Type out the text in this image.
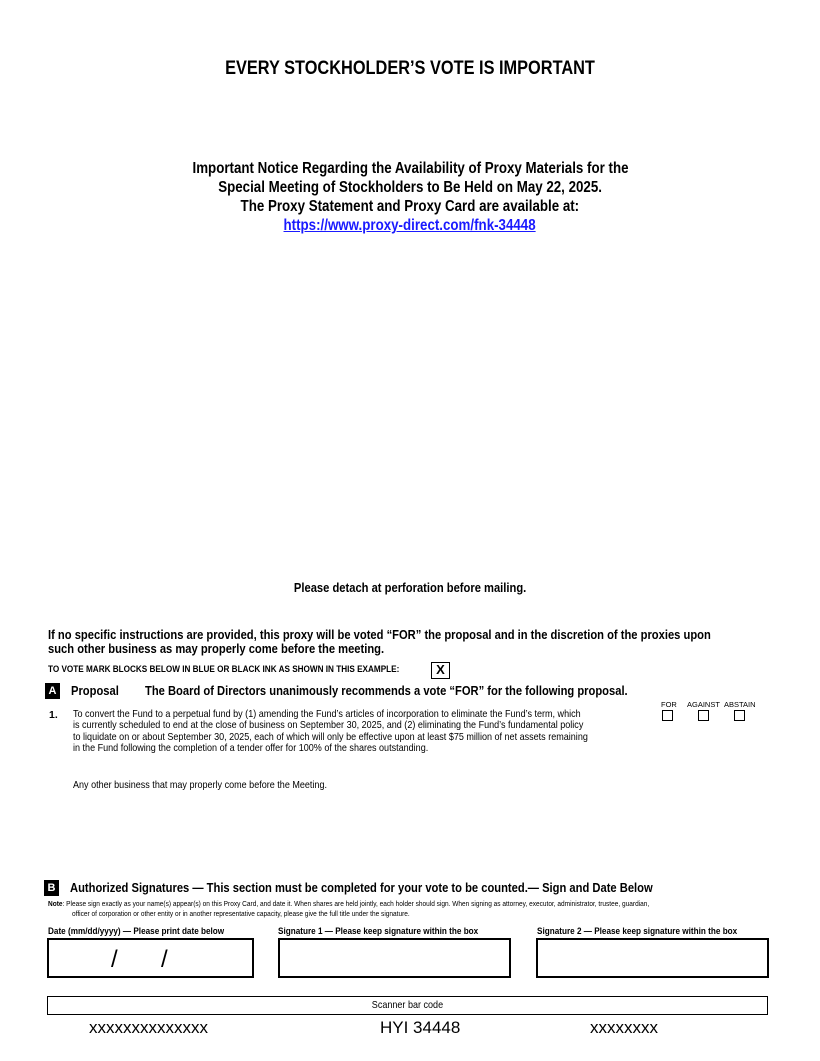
EVERY STOCKHOLDER’S VOTE IS IMPORTANT
Important Notice Regarding the Availability of Proxy Materials for the
Special Meeting of Stockholders to Be Held on May 22, 2025.
The Proxy Statement and Proxy Card are available at:
https://www.proxy-direct.com/fnk-34448
Please detach at perforation before mailing.
If no specific instructions are provided, this proxy will be voted “FOR” the proposal and in the discretion of the proxies upon
such other business as may properly come before the meeting.
TO VOTE MARK BLOCKS BELOW IN BLUE OR BLACK INK AS SHOWN IN THIS EXAMPLE:	X
A Proposal	The Board of Directors unanimously recommends a vote “FOR” for the following proposal.
FOR AGAINST ABSTAIN
1. To convert the Fund to a perpetual fund by (1) amending the Fund’s articles of incorporation to eliminate the Fund’s term, which
is currently scheduled to end at the close of business on September 30, 2025, and (2) eliminating the Fund’s fundamental policy
to liquidate on or about September 30, 2025, each of which will only be effective upon at least $75 million of net assets remaining
in the Fund following the completion of a tender offer for 100% of the shares outstanding.
Any other business that may properly come before the Meeting.
B Authorized Signatures — This section must be completed for your vote to be counted.— Sign and Date Below
Note: Please sign exactly as your name(s) appear(s) on this Proxy Card, and date it. When shares are held jointly, each holder should sign. When signing as attorney, executor, administrator, trustee, guardian,
officer of corporation or other entity or in another representative capacity, please give the full title under the signature.
Date (mm/dd/yyyy) — Please print date below	Signature 1 — Please keep signature within the box	Signature 2 — Please keep signature within the box
/ /
Scanner bar code
xxxxxxxxxxxxxx	HYI 34448	xxxxxxxx
